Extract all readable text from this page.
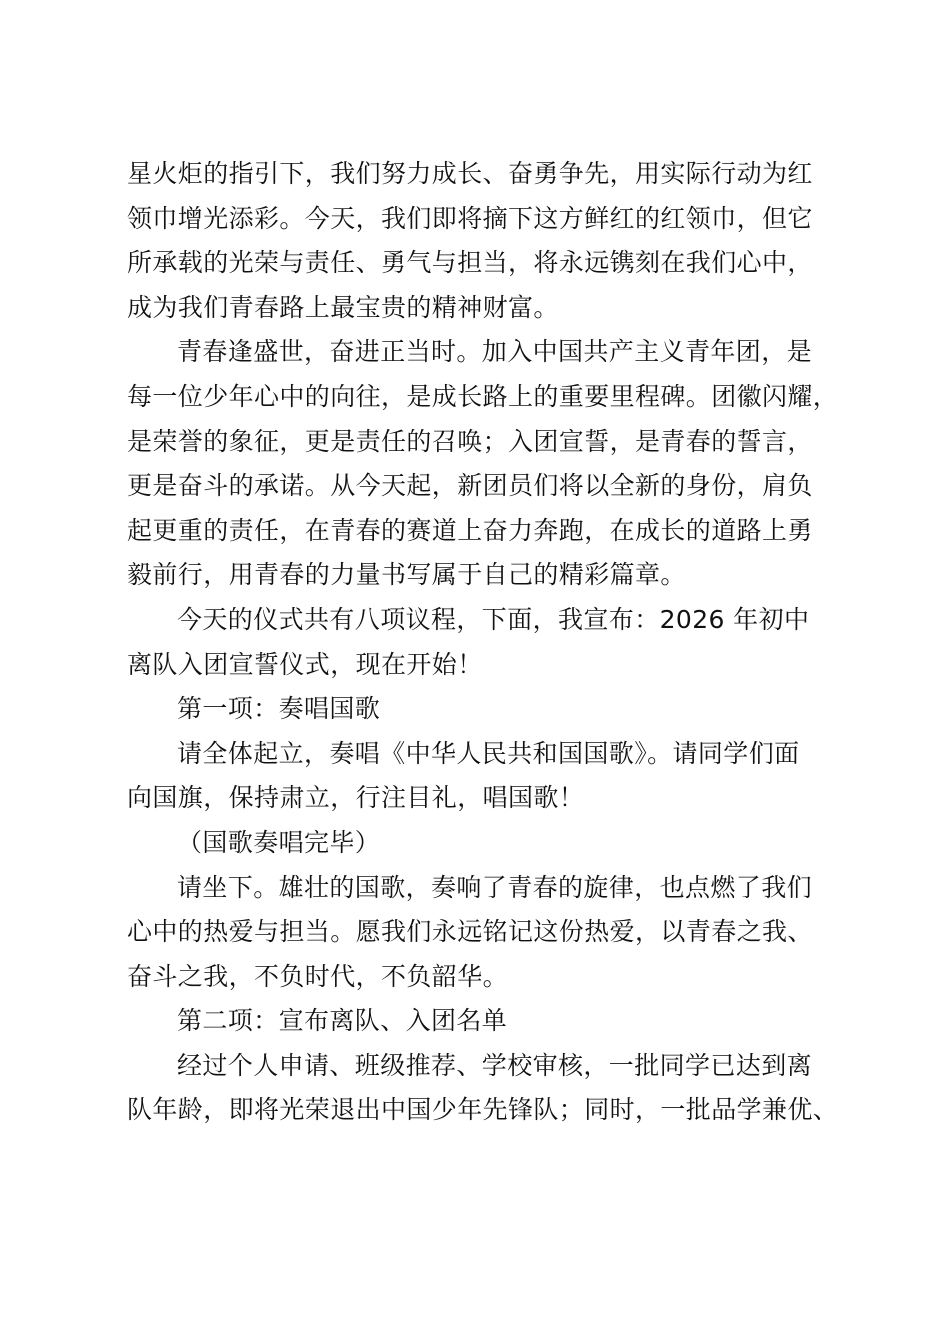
星火炬的指引下，我们努力成长、奋勇争先，用实际行动为红
领巾增光添彩。今天，我们即将摘下这方鲜红的红领巾，但它
所承载的光荣与责任、勇气与担当，将永远镌刻在我们心中，
成为我们青春路上最宝贵的精神财富。

青春逢盛世，奋进正当时。加入中国共产主义青年团，是
每一位少年心中的向往，是成长路上的重要里程碑。团徽闪耀，
是荣誉的象征，更是责任的召唤；入团宣誓，是青春的誓言，
更是奋斗的承诺。从今天起，新团员们将以全新的身份，肩负
起更重的责任，在青春的赛道上奋力奔跑，在成长的道路上勇
毅前行，用青春的力量书写属于自己的精彩篇章。

今天的仪式共有八项议程，下面，我宣布：2026 年初中
离队入团宣誓仪式，现在开始！

第一项：奏唱国歌

请全体起立，奏唱《中华人民共和国国歌》。请同学们面
向国旗，保持肃立，行注目礼，唱国歌！

（国歌奏唱完毕）

请坐下。雄壮的国歌，奏响了青春的旋律，也点燃了我们
心中的热爱与担当。愿我们永远铭记这份热爱，以青春之我、
奋斗之我，不负时代，不负韶华。

第二项：宣布离队、入团名单

经过个人申请、班级推荐、学校审核，一批同学已达到离
队年龄，即将光荣退出中国少年先锋队；同时，一批品学兼优、
